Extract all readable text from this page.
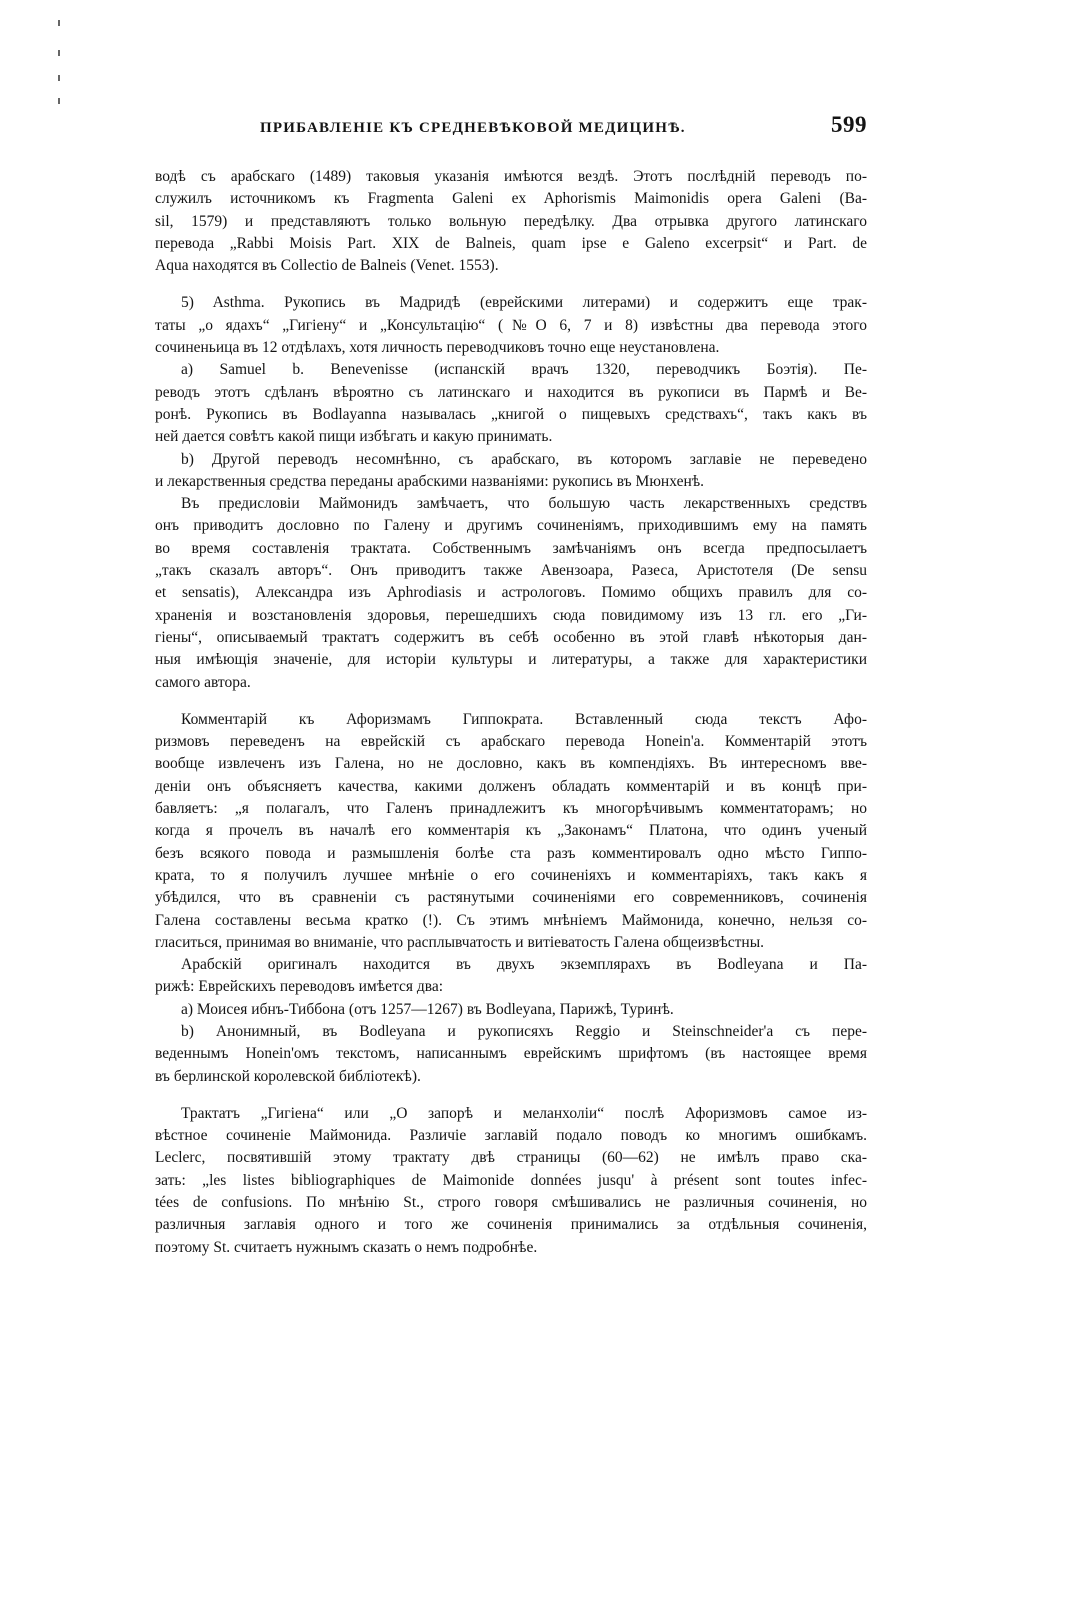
ПРИБАВЛЕНІЕ КЪ СРЕДНЕВѢКОВОЙ МЕДИЦИНѢ.	599
водѣ съ арабскаго (1489) таковыя указанія имѣются вездѣ. Этотъ послѣдній переводъ по-
служилъ источникомъ къ Fragmenta Galeni ex Aphorismis Maimonidis opera Galeni (Ba-
sil, 1579) и представляютъ только вольную передѣлку. Два отрывка другого латинскаго
перевода „Rabbi Moisis Part. XIX de Balneis, quam ipse e Galeno excerpsit“ и Part. de
Aqua находятся въ Collectio de Balneis (Venet. 1553).
5) Asthma. Рукопись въ Мадридѣ (еврейскими литерами) и содержитъ еще трак-
таты „о ядахъ“ „Гигіену“ и „Консультацію“ (№О 6, 7 и 8) извѣстны два перевода этого
сочиненьица въ 12 отдѣлахъ, хотя личность переводчиковъ точно еще неустановлена.
a) Samuel b. Benevenisse (испанскій врачъ 1320, переводчикъ Боэтія). Пе-
реводъ этотъ сдѣланъ вѣроятно съ латинскаго и находится въ рукописи въ Пармѣ и Ве-
ронѣ. Рукопись въ Bodlayanna называлась „книгой о пищевыхъ средствахъ“, такъ какъ въ
ней дается совѣтъ какой пищи избѣгать и какую принимать.
b) Другой переводъ несомнѣнно, съ арабскаго, въ которомъ заглавіе не переведено
и лекарственныя средства переданы арабскими названіями: рукопись въ Мюнхенѣ.
Въ предисловіи Маймонидъ замѣчаетъ, что большую часть лекарственныхъ средствъ
онъ приводитъ дословно по Галену и другимъ сочиненіямъ, приходившимъ ему на память
во время составленія трактата. Собственнымъ замѣчаніямъ онъ всегда предпосылаетъ
„такъ сказалъ авторъ“. Онъ приводитъ также Авензоара, Разеса, Аристотеля (De sensu
et sensatis), Александра изъ Aphrodiasis и астрологовъ. Помимо общихъ правилъ для со-
храненія и возстановленія здоровья, перешедшихъ сюда повидимому изъ 13 гл. его „Ги-
гіены“, описываемый трактатъ содержитъ въ себѣ особенно въ этой главѣ нѣкоторыя дан-
ныя имѣющія значеніе, для исторіи культуры и литературы, а также для характеристики
самого автора.
Комментарій къ Афоризмамъ Гиппократа. Вставленный сюда текстъ Афо-
ризмовъ переведенъ на еврейскій съ арабскаго перевода Honein'a. Комментарій этотъ
вообще извлеченъ изъ Галена, но не дословно, какъ въ компендіяхъ. Въ интересномъ вве-
деніи онъ объясняетъ качества, какими долженъ обладать комментарій и въ концѣ при-
бавляетъ: „я полагалъ, что Галенъ принадлежитъ къ многорѣчивымъ комментаторамъ; но
когда я прочелъ въ началѣ его комментарія къ „Законамъ“ Платона, что одинъ ученый
безъ всякого повода и размышленія болѣе ста разъ комментировалъ одно мѣсто Гиппо-
крата, то я получилъ лучшее мнѣніе о его сочиненіяхъ и комментаріяхъ, такъ какъ я
убѣдился, что въ сравненіи съ растянутыми сочиненіями его современниковъ, сочиненія
Галена составлены весьма кратко (!). Съ этимъ мнѣніемъ Маймонида, конечно, нельзя со-
гласиться, принимая во вниманіе, что расплывчатость и витіеватость Галена общеизвѣстны.
Арабскій оригиналъ находится въ двухъ экземплярахъ въ Bodleyana и Па-
рижѣ: Еврейскихъ переводовъ имѣется два:
a) Моисея ибнъ-Тиббона (отъ 1257—1267) въ Bodleyana, Парижѣ, Туринѣ.
b) Анонимный, въ Bodleyana и рукописяхъ Reggio и Steinschneider'а съ пере-
веденнымъ Honein'омъ текстомъ, написаннымъ еврейскимъ шрифтомъ (въ настоящее время
въ берлинской королевской библіотекѣ).
Трактатъ „Гигіена“ или „О запорѣ и меланхоліи“ послѣ Афоризмовъ самое из-
вѣстное сочиненіе Маймонида. Различіе заглавій подало поводъ ко многимъ ошибкамъ.
Leclerc, посвятившій этому трактату двѣ страницы (60—62) не имѣлъ право ска-
зать: „les listes bibliographiques de Maimonide données jusqu' à présent sont toutes infec-
tées de confusions. По мнѣнію St., строго говоря смѣшивались не различныя сочиненія, но
различныя заглавія одного и того же сочиненія принимались за отдѣльныя сочиненія,
поэтому St. считаетъ нужнымъ сказать о немъ подробнѣе.
